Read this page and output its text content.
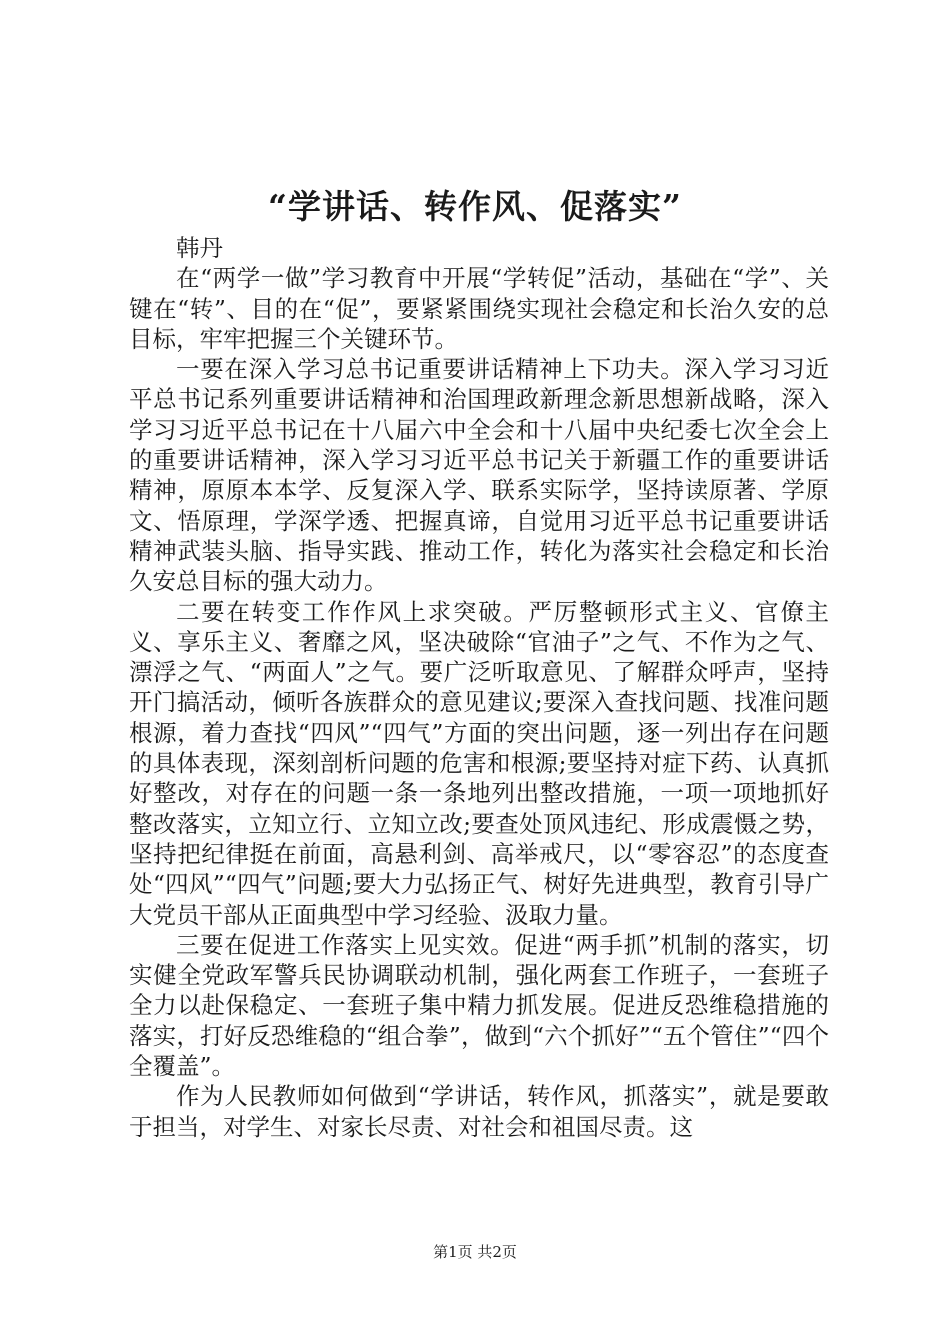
“学讲话、转作风、促落实”

韩丹

在“两学一做”学习教育中开展“学转促”活动，基础在“学”、关键在“转”、目的在“促”，要紧紧围绕实现社会稳定和长治久安的总目标，牢牢把握三个关键环节。

一要在深入学习总书记重要讲话精神上下功夫。深入学习习近平总书记系列重要讲话精神和治国理政新理念新思想新战略，深入学习习近平总书记在十八届六中全会和十八届中央纪委七次全会上的重要讲话精神，深入学习习近平总书记关于新疆工作的重要讲话精神，原原本本学、反复深入学、联系实际学，坚持读原著、学原文、悟原理，学深学透、把握真谛，自觉用习近平总书记重要讲话精神武装头脑、指导实践、推动工作，转化为落实社会稳定和长治久安总目标的强大动力。

二要在转变工作作风上求突破。严厉整顿形式主义、官僚主义、享乐主义、奢靡之风，坚决破除“官油子”之气、不作为之气、漂浮之气、“两面人”之气。要广泛听取意见、了解群众呼声，坚持开门搞活动，倾听各族群众的意见建议;要深入查找问题、找准问题根源，着力查找“四风”“四气”方面的突出问题，逐一列出存在问题的具体表现，深刻剖析问题的危害和根源;要坚持对症下药、认真抓好整改，对存在的问题一条一条地列出整改措施，一项一项地抓好整改落实，立知立行、立知立改;要查处顶风违纪、形成震慑之势，坚持把纪律挺在前面，高悬利剑、高举戒尺，以“零容忍”的态度查处“四风”“四气”问题;要大力弘扬正气、树好先进典型，教育引导广大党员干部从正面典型中学习经验、汲取力量。

三要在促进工作落实上见实效。促进“两手抓”机制的落实，切实健全党政军警兵民协调联动机制，强化两套工作班子，一套班子全力以赴保稳定、一套班子集中精力抓发展。促进反恐维稳措施的落实，打好反恐维稳的“组合拳”，做到“六个抓好”“五个管住”“四个全覆盖”。

作为人民教师如何做到“学讲话，转作风，抓落实”，就是要敢于担当，对学生、对家长尽责、对社会和祖国尽责。这

第1页 共2页
